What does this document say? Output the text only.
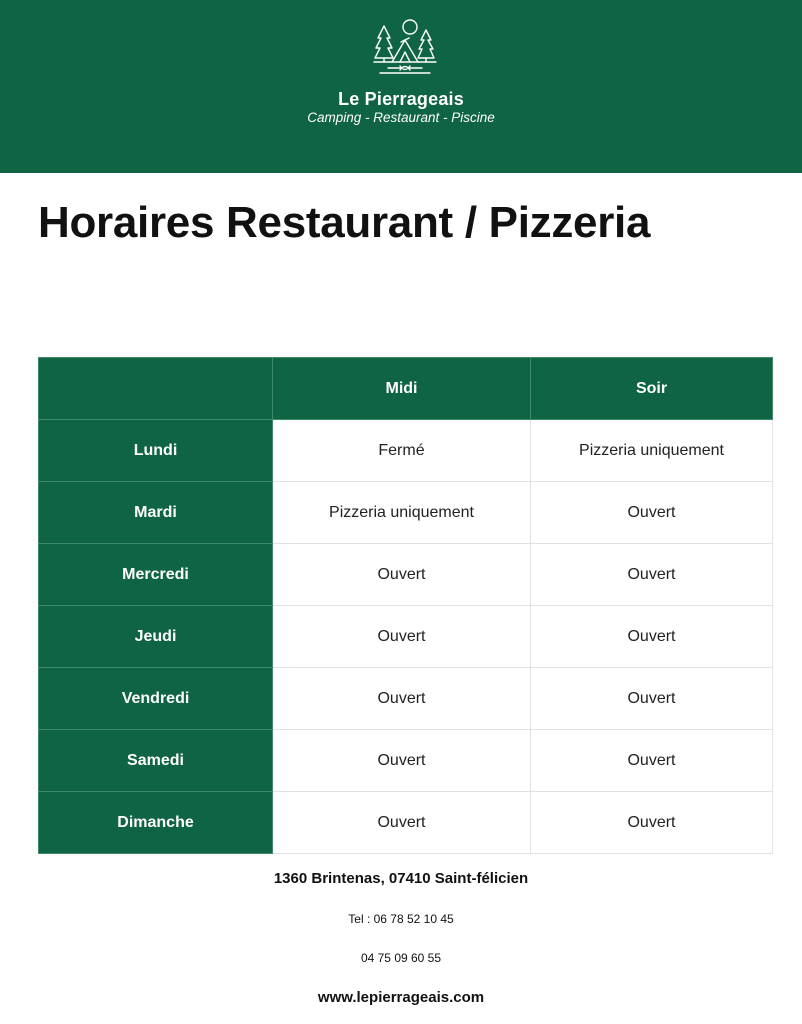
Le Pierrageais
Camping - Restaurant - Piscine
Horaires Restaurant / Pizzeria
	Midi	Soir
Lundi	Fermé	Pizzeria uniquement
Mardi	Pizzeria uniquement	Ouvert
Mercredi	Ouvert	Ouvert
Jeudi	Ouvert	Ouvert
Vendredi	Ouvert	Ouvert
Samedi	Ouvert	Ouvert
Dimanche	Ouvert	Ouvert
1360 Brintenas, 07410 Saint-félicien
Tel : 06 78 52 10 45
04 75 09 60 55
www.lepierrageais.com
